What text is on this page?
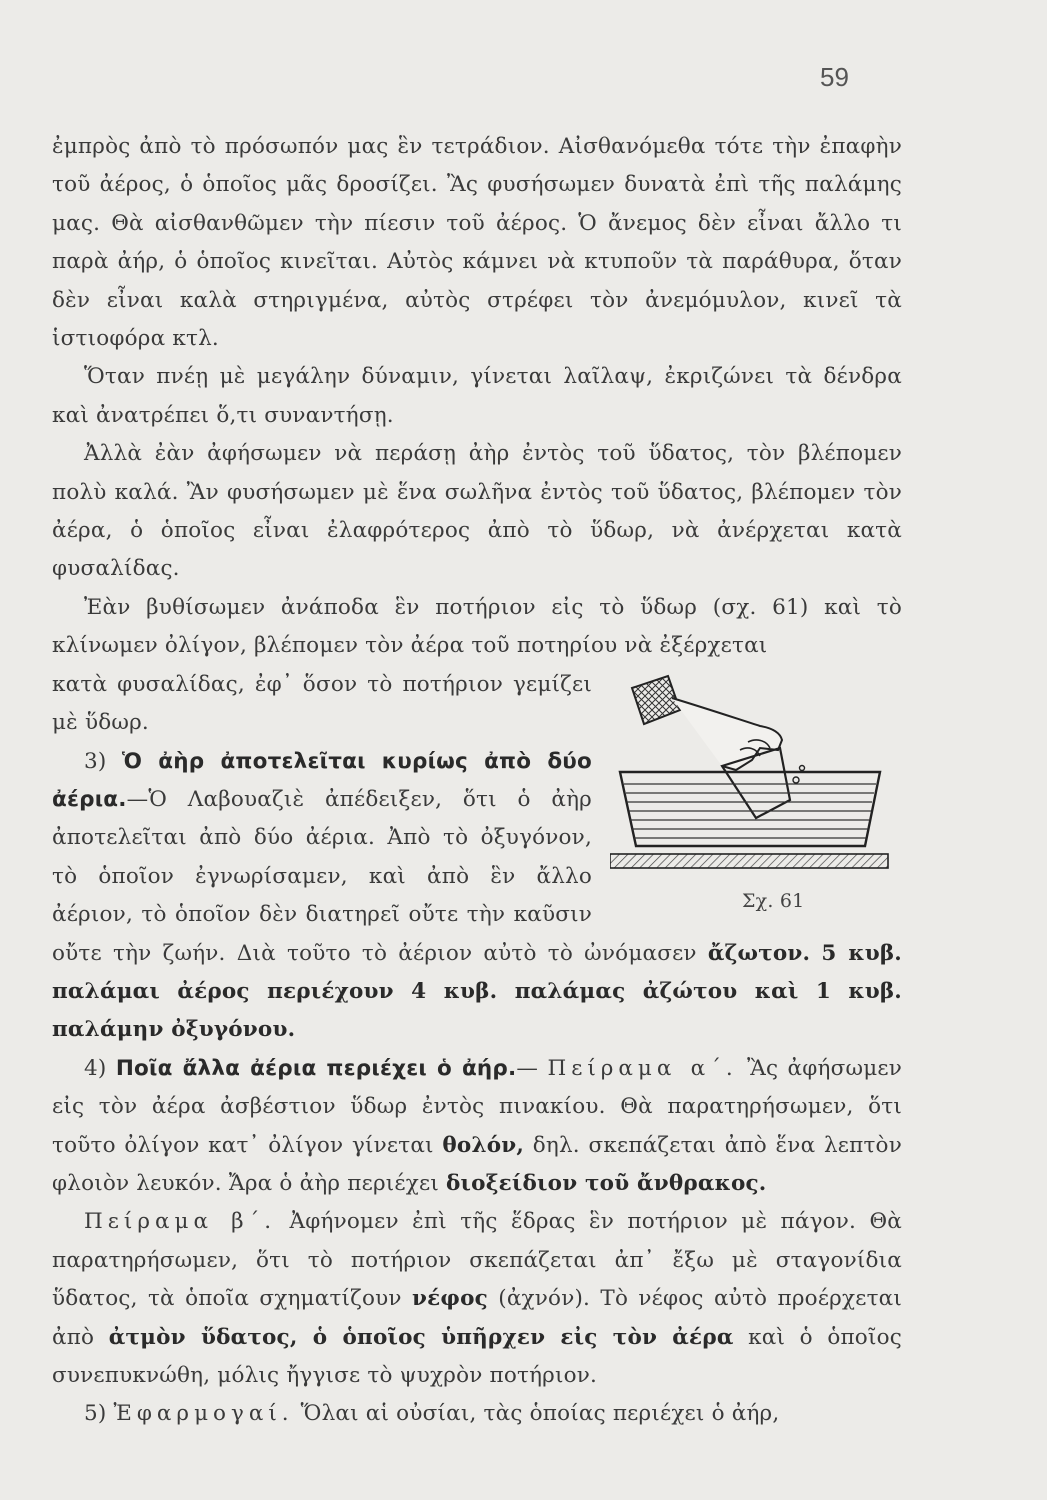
59

ἐμπρὸς ἀπὸ τὸ πρόσωπόν μας ἓν τετράδιον. Αἰσθανόμεθα τότε τὴν ἐπαφὴν τοῦ ἀέρος, ὁ ὁποῖος μᾶς δροσίζει. Ἂς φυσήσωμεν δυνατὰ ἐπὶ τῆς παλάμης μας. Θὰ αἰσθανθῶμεν τὴν πίεσιν τοῦ ἀέρος. Ὁ ἄνεμος δὲν εἶναι ἄλλο τι παρὰ ἀήρ, ὁ ὁποῖος κινεῖται. Αὐτὸς κάμνει νὰ κτυποῦν τὰ παράθυρα, ὅταν δὲν εἶναι καλὰ στηριγμένα, αὐτὸς στρέφει τὸν ἀνεμόμυλον, κινεῖ τὰ ἱστιοφόρα κτλ.

Ὅταν πνέῃ μὲ μεγάλην δύναμιν, γίνεται λαῖλαψ, ἐκριζώνει τὰ δένδρα καὶ ἀνατρέπει ὅ,τι συναντήσῃ.

Ἀλλὰ ἐὰν ἀφήσωμεν νὰ περάσῃ ἀὴρ ἐντὸς τοῦ ὕδατος, τὸν βλέπομεν πολὺ καλά. Ἂν φυσήσωμεν μὲ ἕνα σωλῆνα ἐντὸς τοῦ ὕδατος, βλέπομεν τὸν ἀέρα, ὁ ὁποῖος εἶναι ἐλαφρότερος ἀπὸ τὸ ὕδωρ, νὰ ἀνέρχεται κατὰ φυσαλίδας.

Ἐὰν βυθίσωμεν ἀνάποδα ἓν ποτήριον εἰς τὸ ὕδωρ (σχ. 61) καὶ τὸ κλίνωμεν ὀλίγον, βλέπομεν τὸν ἀέρα τοῦ ποτηρίου νὰ ἐξέρχεται

Σχ. 61

κατὰ φυσαλίδας, ἐφ᾿ ὅσον τὸ ποτήριον γεμίζει μὲ ὕδωρ.

3) Ὁ ἀὴρ ἀποτελεῖται κυρίως ἀπὸ δύο ἀέρια.—Ὁ Λαβουαζιὲ ἀπέδειξεν, ὅτι ὁ ἀὴρ ἀποτελεῖται ἀπὸ δύο ἀέρια. Ἀπὸ τὸ ὀξυγόνον, τὸ ὁποῖον ἐγνωρίσαμεν, καὶ ἀπὸ ἓν ἄλλο ἀέριον, τὸ ὁποῖον δὲν διατηρεῖ οὔτε τὴν καῦσιν οὔτε τὴν ζωήν. Διὰ τοῦτο τὸ ἀέριον αὐτὸ τὸ ὠνόμασεν ἄζωτον. 5 κυβ. παλάμαι ἀέρος περιέχουν 4 κυβ. παλάμας ἀζώτου καὶ 1 κυβ. παλάμην ὀξυγόνου.

4) Ποῖα ἄλλα ἀέρια περιέχει ὁ ἀήρ.— Πείραμα α΄. Ἂς ἀφήσωμεν εἰς τὸν ἀέρα ἀσβέστιον ὕδωρ ἐντὸς πινακίου. Θὰ παρατηρήσωμεν, ὅτι τοῦτο ὀλίγον κατ᾿ ὀλίγον γίνεται θολόν, δηλ. σκεπάζεται ἀπὸ ἕνα λεπτὸν φλοιὸν λευκόν. Ἄρα ὁ ἀὴρ περιέχει διοξείδιον τοῦ ἄνθρακος.

Πείραμα β΄. Ἀφήνομεν ἐπὶ τῆς ἕδρας ἓν ποτήριον μὲ πάγον. Θὰ παρατηρήσωμεν, ὅτι τὸ ποτήριον σκεπάζεται ἀπ᾿ ἔξω μὲ σταγονίδια ὕδατος, τὰ ὁποῖα σχηματίζουν νέφος (ἀχνόν). Τὸ νέφος αὐτὸ προέρχεται ἀπὸ ἀτμὸν ὕδατος, ὁ ὁποῖος ὑπῆρχεν εἰς τὸν ἀέρα καὶ ὁ ὁποῖος συνεπυκνώθη, μόλις ἤγγισε τὸ ψυχρὸν ποτήριον.

5) Ἐφαρμογαί. Ὅλαι αἱ οὐσίαι, τὰς ὁποίας περιέχει ὁ ἀήρ,
